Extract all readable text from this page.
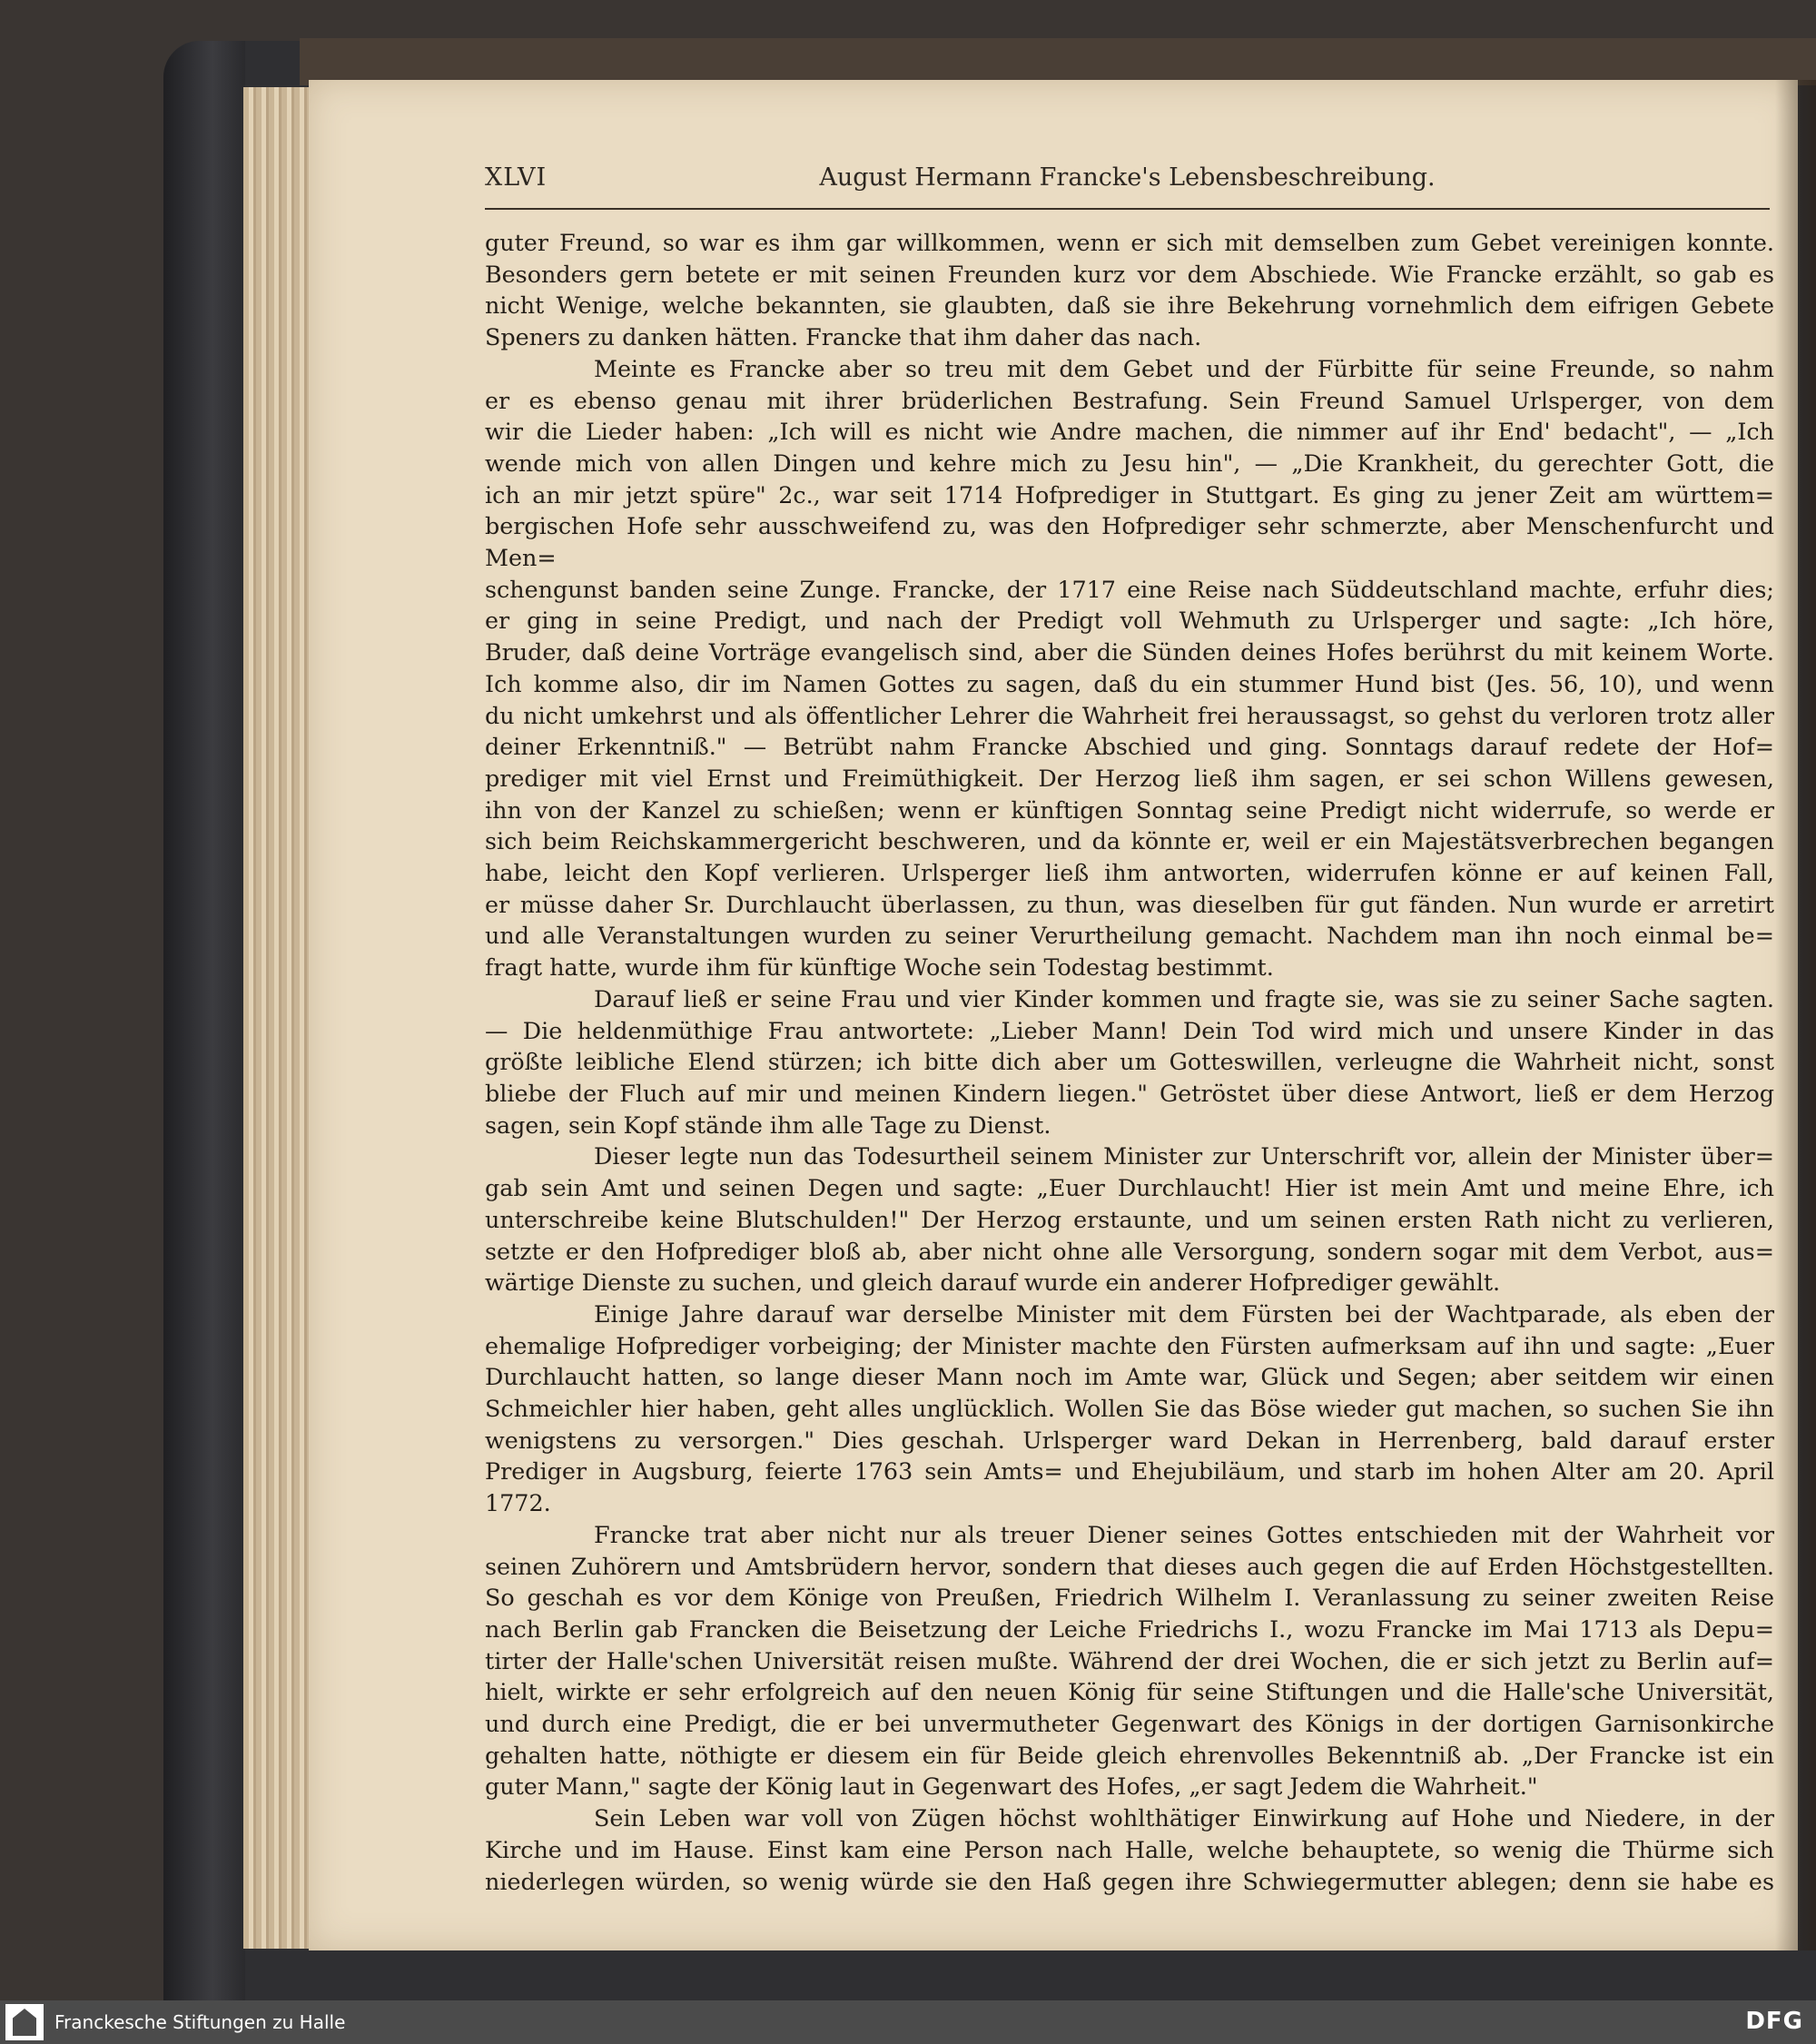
XLVI	August Hermann Francke's Lebensbeschreibung.

guter Freund, so war es ihm gar willkommen, wenn er sich mit demselben zum Gebet vereinigen konnte.

Besonders gern betete er mit seinen Freunden kurz vor dem Abschiede. Wie Francke erzählt, so gab es

nicht Wenige, welche bekannten, sie glaubten, daß sie ihre Bekehrung vornehmlich dem eifrigen Gebete

Speners zu danken hätten. Francke that ihm daher das nach.

Meinte es Francke aber so treu mit dem Gebet und der Fürbitte für seine Freunde, so nahm

er es ebenso genau mit ihrer brüderlichen Bestrafung. Sein Freund Samuel Urlsperger, von dem

wir die Lieder haben: „Ich will es nicht wie Andre machen, die nimmer auf ihr End' bedacht", — „Ich

wende mich von allen Dingen und kehre mich zu Jesu hin", — „Die Krankheit, du gerechter Gott, die

ich an mir jetzt spüre" 2c., war seit 1714 Hofprediger in Stuttgart. Es ging zu jener Zeit am württem=

bergischen Hofe sehr ausschweifend zu, was den Hofprediger sehr schmerzte, aber Menschenfurcht und Men=

schengunst banden seine Zunge. Francke, der 1717 eine Reise nach Süddeutschland machte, erfuhr dies;

er ging in seine Predigt, und nach der Predigt voll Wehmuth zu Urlsperger und sagte: „Ich höre,

Bruder, daß deine Vorträge evangelisch sind, aber die Sünden deines Hofes berührst du mit keinem Worte.

Ich komme also, dir im Namen Gottes zu sagen, daß du ein stummer Hund bist (Jes. 56, 10), und wenn

du nicht umkehrst und als öffentlicher Lehrer die Wahrheit frei heraussagst, so gehst du verloren trotz aller

deiner Erkenntniß." — Betrübt nahm Francke Abschied und ging. Sonntags darauf redete der Hof=

prediger mit viel Ernst und Freimüthigkeit. Der Herzog ließ ihm sagen, er sei schon Willens gewesen,

ihn von der Kanzel zu schießen; wenn er künftigen Sonntag seine Predigt nicht widerrufe, so werde er

sich beim Reichskammergericht beschweren, und da könnte er, weil er ein Majestätsverbrechen begangen

habe, leicht den Kopf verlieren. Urlsperger ließ ihm antworten, widerrufen könne er auf keinen Fall,

er müsse daher Sr. Durchlaucht überlassen, zu thun, was dieselben für gut fänden. Nun wurde er arretirt

und alle Veranstaltungen wurden zu seiner Verurtheilung gemacht. Nachdem man ihn noch einmal be=

fragt hatte, wurde ihm für künftige Woche sein Todestag bestimmt.

Darauf ließ er seine Frau und vier Kinder kommen und fragte sie, was sie zu seiner Sache sagten.

— Die heldenmüthige Frau antwortete: „Lieber Mann! Dein Tod wird mich und unsere Kinder in das

größte leibliche Elend stürzen; ich bitte dich aber um Gotteswillen, verleugne die Wahrheit nicht, sonst

bliebe der Fluch auf mir und meinen Kindern liegen." Getröstet über diese Antwort, ließ er dem Herzog

sagen, sein Kopf stände ihm alle Tage zu Dienst.

Dieser legte nun das Todesurtheil seinem Minister zur Unterschrift vor, allein der Minister über=

gab sein Amt und seinen Degen und sagte: „Euer Durchlaucht! Hier ist mein Amt und meine Ehre, ich

unterschreibe keine Blutschulden!" Der Herzog erstaunte, und um seinen ersten Rath nicht zu verlieren,

setzte er den Hofprediger bloß ab, aber nicht ohne alle Versorgung, sondern sogar mit dem Verbot, aus=

wärtige Dienste zu suchen, und gleich darauf wurde ein anderer Hofprediger gewählt.

Einige Jahre darauf war derselbe Minister mit dem Fürsten bei der Wachtparade, als eben der

ehemalige Hofprediger vorbeiging; der Minister machte den Fürsten aufmerksam auf ihn und sagte: „Euer

Durchlaucht hatten, so lange dieser Mann noch im Amte war, Glück und Segen; aber seitdem wir einen

Schmeichler hier haben, geht alles unglücklich. Wollen Sie das Böse wieder gut machen, so suchen Sie ihn

wenigstens zu versorgen." Dies geschah. Urlsperger ward Dekan in Herrenberg, bald darauf erster

Prediger in Augsburg, feierte 1763 sein Amts= und Ehejubiläum, und starb im hohen Alter am 20. April 1772.

Francke trat aber nicht nur als treuer Diener seines Gottes entschieden mit der Wahrheit vor

seinen Zuhörern und Amtsbrüdern hervor, sondern that dieses auch gegen die auf Erden Höchstgestellten.

So geschah es vor dem Könige von Preußen, Friedrich Wilhelm I. Veranlassung zu seiner zweiten Reise

nach Berlin gab Francken die Beisetzung der Leiche Friedrichs I., wozu Francke im Mai 1713 als Depu=

tirter der Halle'schen Universität reisen mußte. Während der drei Wochen, die er sich jetzt zu Berlin auf=

hielt, wirkte er sehr erfolgreich auf den neuen König für seine Stiftungen und die Halle'sche Universität,

und durch eine Predigt, die er bei unvermutheter Gegenwart des Königs in der dortigen Garnisonkirche

gehalten hatte, nöthigte er diesem ein für Beide gleich ehrenvolles Bekenntniß ab. „Der Francke ist ein

guter Mann," sagte der König laut in Gegenwart des Hofes, „er sagt Jedem die Wahrheit."

Sein Leben war voll von Zügen höchst wohlthätiger Einwirkung auf Hohe und Niedere, in der

Kirche und im Hause. Einst kam eine Person nach Halle, welche behauptete, so wenig die Thürme sich

niederlegen würden, so wenig würde sie den Haß gegen ihre Schwiegermutter ablegen; denn sie habe es

Franckesche Stiftungen zu Halle	DFG
